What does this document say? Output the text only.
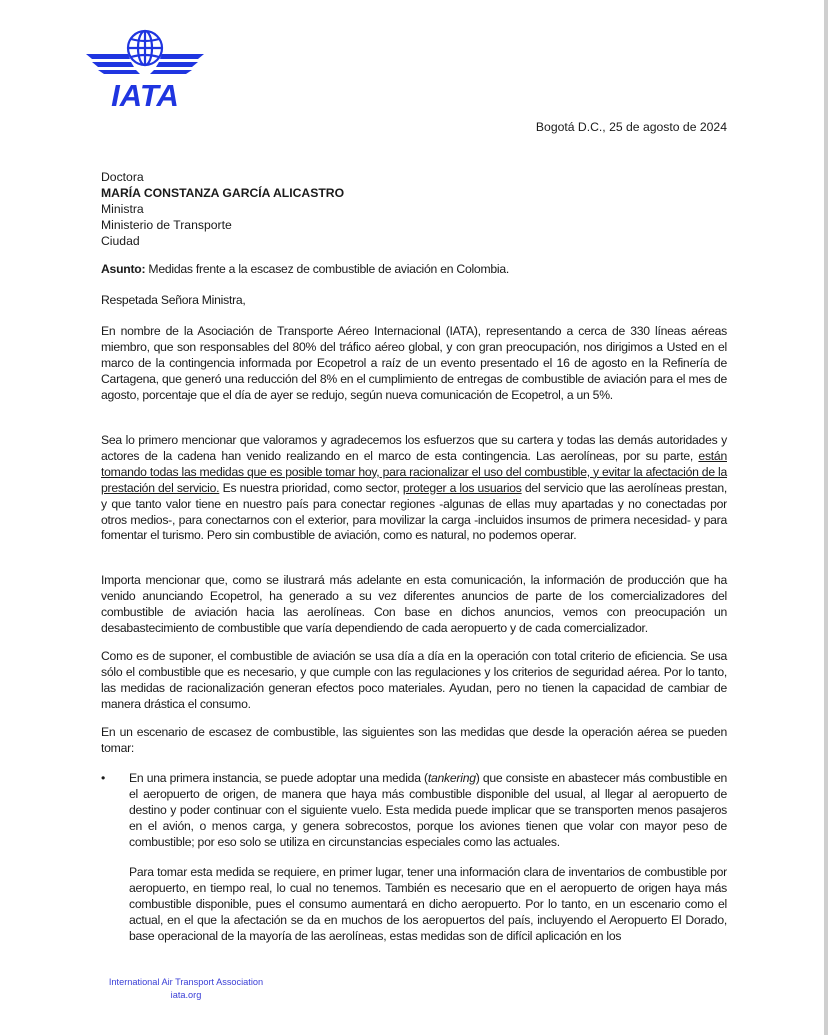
IATA
Bogotá D.C., 25 de agosto de 2024
Doctora
MARÍA CONSTANZA GARCÍA ALICASTRO
Ministra
Ministerio de Transporte
Ciudad

Asunto: Medidas frente a la escasez de combustible de aviación en Colombia.

Respetada Señora Ministra,

En nombre de la Asociación de Transporte Aéreo Internacional (IATA), representando a cerca de 330 líneas aéreas miembro, que son responsables del 80% del tráfico aéreo global, y con gran preocupación, nos dirigimos a Usted en el marco de la contingencia informada por Ecopetrol a raíz de un evento presentado el 16 de agosto en la Refinería de Cartagena, que generó una reducción del 8% en el cumplimiento de entregas de combustible de aviación para el mes de agosto, porcentaje que el día de ayer se redujo, según nueva comunicación de Ecopetrol, a un 5%.

Sea lo primero mencionar que valoramos y agradecemos los esfuerzos que su cartera y todas las demás autoridades y actores de la cadena han venido realizando en el marco de esta contingencia. Las aerolíneas, por su parte, están tomando todas las medidas que es posible tomar hoy, para racionalizar el uso del combustible, y evitar la afectación de la prestación del servicio. Es nuestra prioridad, como sector, proteger a los usuarios del servicio que las aerolíneas prestan, y que tanto valor tiene en nuestro país para conectar regiones -algunas de ellas muy apartadas y no conectadas por otros medios-, para conectarnos con el exterior, para movilizar la carga -incluidos insumos de primera necesidad- y para fomentar el turismo. Pero sin combustible de aviación, como es natural, no podemos operar.

Importa mencionar que, como se ilustrará más adelante en esta comunicación, la información de producción que ha venido anunciando Ecopetrol, ha generado a su vez diferentes anuncios de parte de los comercializadores del combustible de aviación hacia las aerolíneas. Con base en dichos anuncios, vemos con preocupación un desabastecimiento de combustible que varía dependiendo de cada aeropuerto y de cada comercializador.

Como es de suponer, el combustible de aviación se usa día a día en la operación con total criterio de eficiencia. Se usa sólo el combustible que es necesario, y que cumple con las regulaciones y los criterios de seguridad aérea. Por lo tanto, las medidas de racionalización generan efectos poco materiales. Ayudan, pero no tienen la capacidad de cambiar de manera drástica el consumo.

En un escenario de escasez de combustible, las siguientes son las medidas que desde la operación aérea se pueden tomar:

• En una primera instancia, se puede adoptar una medida (tankering) que consiste en abastecer más combustible en el aeropuerto de origen, de manera que haya más combustible disponible del usual, al llegar al aeropuerto de destino y poder continuar con el siguiente vuelo. Esta medida puede implicar que se transporten menos pasajeros en el avión, o menos carga, y genera sobrecostos, porque los aviones tienen que volar con mayor peso de combustible; por eso solo se utiliza en circunstancias especiales como las actuales.

Para tomar esta medida se requiere, en primer lugar, tener una información clara de inventarios de combustible por aeropuerto, en tiempo real, lo cual no tenemos. También es necesario que en el aeropuerto de origen haya más combustible disponible, pues el consumo aumentará en dicho aeropuerto. Por lo tanto, en un escenario como el actual, en el que la afectación se da en muchos de los aeropuertos del país, incluyendo el Aeropuerto El Dorado, base operacional de la mayoría de las aerolíneas, estas medidas son de difícil aplicación en los

International Air Transport Association
iata.org
